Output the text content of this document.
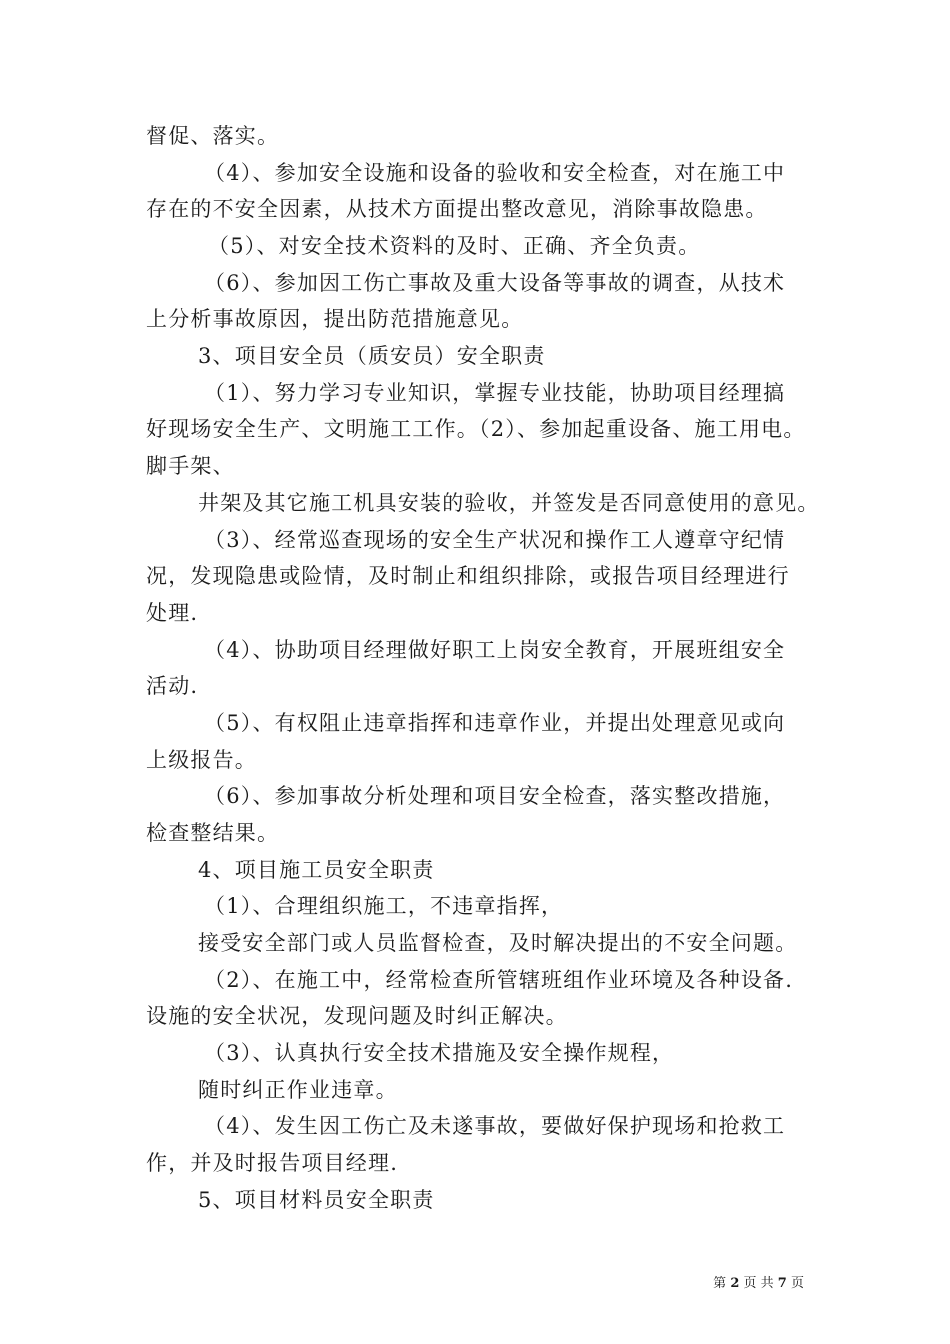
督促、落实。
（4）、参加安全设施和设备的验收和安全检查，对在施工中
存在的不安全因素，从技术方面提出整改意见，消除事故隐患。
（5）、对安全技术资料的及时、正确、齐全负责。
（6）、参加因工伤亡事故及重大设备等事故的调查，从技术
上分析事故原因，提出防范措施意见。
3、项目安全员（质安员）安全职责
（1）、努力学习专业知识，掌握专业技能，协助项目经理搞
好现场安全生产、文明施工工作。（2）、参加起重设备、施工用电。
脚手架、
井架及其它施工机具安装的验收，并签发是否同意使用的意见。
（3）、经常巡查现场的安全生产状况和操作工人遵章守纪情
况，发现隐患或险情，及时制止和组织排除，或报告项目经理进行
处理.
（4）、协助项目经理做好职工上岗安全教育，开展班组安全
活动.
（5）、有权阻止违章指挥和违章作业，并提出处理意见或向
上级报告。
（6）、参加事故分析处理和项目安全检查，落实整改措施，
检查整结果。
4、项目施工员安全职责
（1）、合理组织施工，不违章指挥，
接受安全部门或人员监督检查，及时解决提出的不安全问题。
（2）、在施工中，经常检查所管辖班组作业环境及各种设备.
设施的安全状况，发现问题及时纠正解决。
（3）、认真执行安全技术措施及安全操作规程，
随时纠正作业违章。
（4）、发生因工伤亡及未遂事故，要做好保护现场和抢救工
作，并及时报告项目经理.
5、项目材料员安全职责
第 2 页 共 7 页
